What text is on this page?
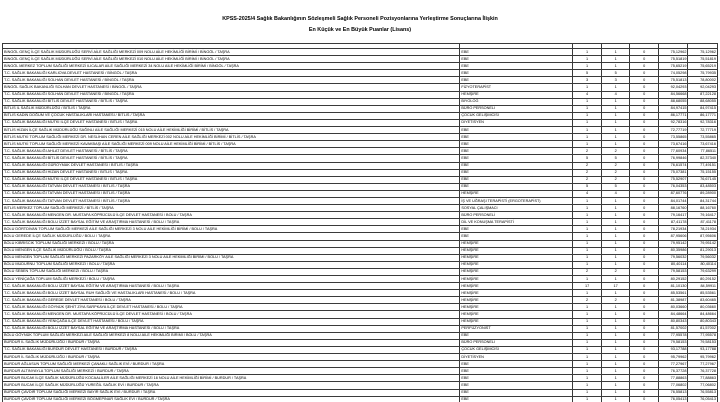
KPSS-2025/4 Sağlık Bakanlığının Sözleşmeli Sağlık Personeli Pozisyonlarına Yerleştirme Sonuçlarına İlişkin
En Küçük ve En Büyük Puanlar (Lisans)

BİNGÖL GENÇ İLÇE SAĞLIK MÜDÜRLÜĞÜ SERVİ AİLE SAĞLIĞI MERKEZİ 009 NOLU AİLE HEKİMLİĞİ BİRİMİ / BİNGÖL / TAŞRA	EBE	1	1	0	75,12962	75,12962
BİNGÖL GENÇ İLÇE SAĞLIK MÜDÜRLÜĞÜ SERVİ AİLE SAĞLIĞI MERKEZİ 010 NOLU AİLE HEKİMLİĞİ BİRİMİ / BİNGÖL / TAŞRA	EBE	1	1	0	75,51819	75,51819
BİNGÖL MERKEZ TOPLUM SAĞLIĞI MERKEZİ ILICALAR AİLE SAĞLIĞI MERKEZİ 34 NOLU AİLE HEKİMLİĞİ BİRİMİ / BİNGÖL / TAŞRA	EBE	1	1	0	75,65219	75,65219
T.C. SAĞLIK BAKANLIĞI KARLIOVA DEVLET HASTANESİ / BİNGÖL / TAŞRA	EBE	5	5	0	74,05298	75,79935
T.C. SAĞLIK BAKANLIĞI SOLHAN DEVLET HASTANESİ / BİNGÖL / TAŞRA	EBE	3	3	0	75,51813	78,80002
BİNGÖL SAĞLIK BAKANLIĞI SOLHAN DEVLET HASTANESİ / BİNGÖL / TAŞRA	FİZYOTERAPİST	1	1	0	92,04293	92,04293
T.C. SAĞLIK BAKANLIĞI SOLHAN DEVLET HASTANESİ / BİNGÖL / TAŞRA	HEMŞİRE	4	4	0	84,56668	87,22128
T.C. SAĞLIK BAKANLIĞI BİTLİS DEVLET HASTANESİ / BİTLİS / TAŞRA	BİYOLOG	1	1	0	88,68055	88,68055
BİTLİS İL SAĞLIK MÜDÜRLÜĞÜ / BİTLİS / TAŞRA	BÜRO PERSONELİ	1	1	0	84,97415	84,97415
BİTLİS KADIN DOĞUM VE ÇOCUK HASTALIKLARI HASTANESİ / BİTLİS / TAŞRA	ÇOCUK GELİŞİMCİSİ	1	1	0	86,17771	86,17771
T.C. SAĞLIK BAKANLIĞI MUTKİ İLÇE DEVLET HASTANESİ / BİTLİS / TAŞRA	DİYETİSYEN	1	1	0	92,78316	92,78316
BİTLİS HİZAN İLÇE SAĞLIK MÜDÜRLÜĞÜ SAĞINLI AİLE SAĞLIĞI MERKEZİ 015 NOLU AİLE HEKİMLİĞİ BİRİMİ / BİTLİS / TAŞRA	EBE	1	1	0	72,77719	72,77719
BİTLİS MUTKİ TOPLUM SAĞLIĞI MERKEZİ DR. NESLİHAN CEREN AİLE SAĞLIĞI MERKEZİ 002 NOLU AİLE HEKİMLİĞİ BİRİMİ / BİTLİS / TAŞRA	EBE	1	1	0	73,55865	73,55865
BİTLİS MUTKİ TOPLUM SAĞLIĞI MERKEZİ KAVAKBAŞI AİLE SAĞLIĞI MERKEZİ 009 NOLU AİLE HEKİMLİĞİ BİRİMİ / BİTLİS / TAŞRA	EBE	1	1	0	73,67416	73,67416
T.C. SAĞLIK BAKANLIĞI AHLAT DEVLET HASTANESİ / BİTLİS / TAŞRA	EBE	2	2	0	77,60934	77,86511
T.C. SAĞLIK BAKANLIĞI BİTLİS DEVLET HASTANESİ / BİTLİS / TAŞRA	EBE	5	5	0	76,99846	82,37340
T.C. SAĞLIK BAKANLIĞI GÜROYMAK DEVLET HASTANESİ / BİTLİS / TAŞRA	EBE	2	2	0	76,61574	77,49151
T.C. SAĞLIK BAKANLIĞI HİZAN DEVLET HASTANESİ / BİTLİS / TAŞRA	EBE	2	2	0	75,07381	75,15155
T.C. SAĞLIK BAKANLIĞI MUTKİ İLÇE DEVLET HASTANESİ / BİTLİS / TAŞRA	EBE	2	2	0	75,52907	76,67145
T.C. SAĞLIK BAKANLIĞI TATVAN DEVLET HASTANESİ / BİTLİS / TAŞRA	EBE	5	5	0	76,04353	83,48503
T.C. SAĞLIK BAKANLIĞI TATVAN DEVLET HASTANESİ / BİTLİS / TAŞRA	HEMŞİRE	4	4	0	87,60776	89,28900
T.C. SAĞLIK BAKANLIĞI TATVAN DEVLET HASTANESİ / BİTLİS / TAŞRA	İŞ VE UĞRAŞI TERAPİSTİ (ERGOTERAPİST)	1	1	0	84,01744	84,31744
BİTLİS MERKEZ TOPLUM SAĞLIĞI MERKEZİ / BİTLİS / TAŞRA	SOSYAL ÇALIŞMACI	1	1	0	88,16760	88,16760
T.C. SAĞLIK BAKANLIĞI MENGEN DR. MUSTAFA KÖPRÜCÜLÜ İLÇE DEVLET HASTANESİ / BOLU / TAŞRA	BÜRO PERSONELİ	1	1	0	79,16417	79,16417
T.C. SAĞLIK BAKANLIĞI BOLU İZZET BAYSAL EĞİTİM VE ARAŞTIRMA HASTANESİ / BOLU / TAŞRA	DİL VE KONUŞMA TERAPİSTİ	1	1	0	87,41178	87,41178
BOLU DÖRTDİVAN TOPLUM SAĞLIĞI MERKEZİ AİLE SAĞLIĞI MERKEZİ 3 NOLU AİLE HEKİMLİĞİ BİRİMİ / BOLU / TAŞRA	EBE	1	1	0	78,21934	78,21934
BOLU GEREDE İLÇE SAĞLIK MÜDÜRLÜĞÜ / BOLU / TAŞRA	EBE	1	1	0	87,95606	87,95606
BOLU KIBRISCIK TOPLUM SAĞLIĞI MERKEZİ / BOLU / TAŞRA	HEMŞİRE	1	1	0	79,95142	79,95142
BOLU MENGEN İLÇE SAĞLIK MÜDÜRLÜĞÜ / BOLU / TAŞRA	HEMŞİRE	1	1	0	80,35986	81,29013
BOLU MENGEN TOPLUM SAĞLIĞI MERKEZİ PAZARKÖY AİLE SAĞLIĞI MERKEZİ 3 NOLU AİLE HEKİMLİĞİ BİRİMİ / BOLU / TAŞRA	HEMŞİRE	1	1	0	79,56032	79,56032
BOLU MUDURNU TOPLUM SAĞLIĞI MERKEZİ / BOLU / TAŞRA	HEMŞİRE	1	1	0	80,40114	80,40114
BOLU SEBEN TOPLUM SAĞLIĞI MERKEZİ / BOLU / TAŞRA	HEMŞİRE	2	2	0	79,58153	79,63299
BOLU YENİÇAĞA TOPLUM SAĞLIĞI MERKEZİ / BOLU / TAŞRA	HEMŞİRE	1	1	0	80,29152	80,29152
T.C. SAĞLIK BAKANLIĞI BOLU İZZET BAYSAL EĞİTİM VE ARAŞTIRMA HASTANESİ / BOLU / TAŞRA	HEMŞİRE	17	17	0	81,10130	84,59911
T.C. SAĞLIK BAKANLIĞI BOLU İZZET BAYSAL RUH SAĞLIĞI VE HASTALIKLARI HASTANESİ / BOLU / TAŞRA	HEMŞİRE	1	1	0	85,53561	85,53561
T.C. SAĞLIK BAKANLIĞI GEREDE DEVLET HASTANESİ / BOLU / TAŞRA	HEMŞİRE	2	2	0	81,38987	83,60465
T.C. SAĞLIK BAKANLIĞI GÖYNÜK ŞEHİT ZİYA SARPKAYA İLÇE DEVLET HASTANESİ / BOLU / TAŞRA	HEMŞİRE	1	1	0	80,03660	80,03660
T.C. SAĞLIK BAKANLIĞI MENGEN DR. MUSTAFA KÖPRÜCÜLÜ İLÇE DEVLET HASTANESİ / BOLU / TAŞRA	HEMŞİRE	1	1	0	84,48664	84,48664
T.C. SAĞLIK BAKANLIĞI YENİÇAĞA İLÇE DEVLET HASTANESİ / BOLU / TAŞRA	HEMŞİRE	1	1	0	80,80343	80,80343
T.C. SAĞLIK BAKANLIĞI BOLU İZZET BAYSAL EĞİTİM VE ARAŞTIRMA HASTANESİ / BOLU / TAŞRA	PERFÜZYONİST	1	1	0	81,57002	81,57002
BOLU GÖYNÜK TOPLUM SAĞLIĞI MERKEZİ AİLE SAĞLIĞI MERKEZİ 8 NOLU AİLE HEKİMLİĞİ BİRİMİ / BOLU / TAŞRA	EBE	1	1	0	77,95578	77,95578
BURDUR İL SAĞLIK MÜDÜRLÜĞÜ / BURDUR / TAŞRA	BÜRO PERSONELİ	1	1	0	79,58153	79,58153
T.C. SAĞLIK BAKANLIĞI BURDUR DEVLET HASTANESİ / BURDUR / TAŞRA	ÇOCUK GELİŞİMCİSİ	1	1	0	93,17788	93,17788
BURDUR İL SAĞLIK MÜDÜRLÜĞÜ / BURDUR / TAŞRA	DİYETİSYEN	1	1	0	95,79962	95,79962
BURDUR AĞLASUN TOPLUM SAĞLIĞI MERKEZİ ÇANAKLI SAĞLIK EVİ / BURDUR / TAŞRA	EBE	1	1	0	77,27967	77,27967
BURDUR ALTINYAYLA TOPLUM SAĞLIĞI MERKEZİ / BURDUR / TAŞRA	EBE	1	1	0	76,37728	76,37728
BURDUR BUCAK İLÇE SAĞLIK MÜDÜRLÜĞÜ KOCAALİLER AİLE SAĞLIĞI MERKEZİ 16 NOLU AİLE HEKİMLİĞİ BİRİMİ / BURDUR / TAŞRA	EBE	1	1	0	77,88863	77,88863
BURDUR BUCAK İLÇE SAĞLIK MÜDÜRLÜĞÜ YUREĞİL SAĞLIK EVİ / BURDUR / TAŞRA	EBE	1	1	0	77,06802	77,06802
BURDUR ÇAVDIR TOPLUM SAĞLIĞI MERKEZİ BAYIR SAĞLIK EVİ / BURDUR / TAŞRA	EBE	1	1	0	76,55813	76,55813
BURDUR ÇAVDIR TOPLUM SAĞLIĞI MERKEZİ BÖGMEPINAR SAĞLIK EVİ / BURDUR / TAŞRA	EBE	1	1	0	76,05413	76,05413
